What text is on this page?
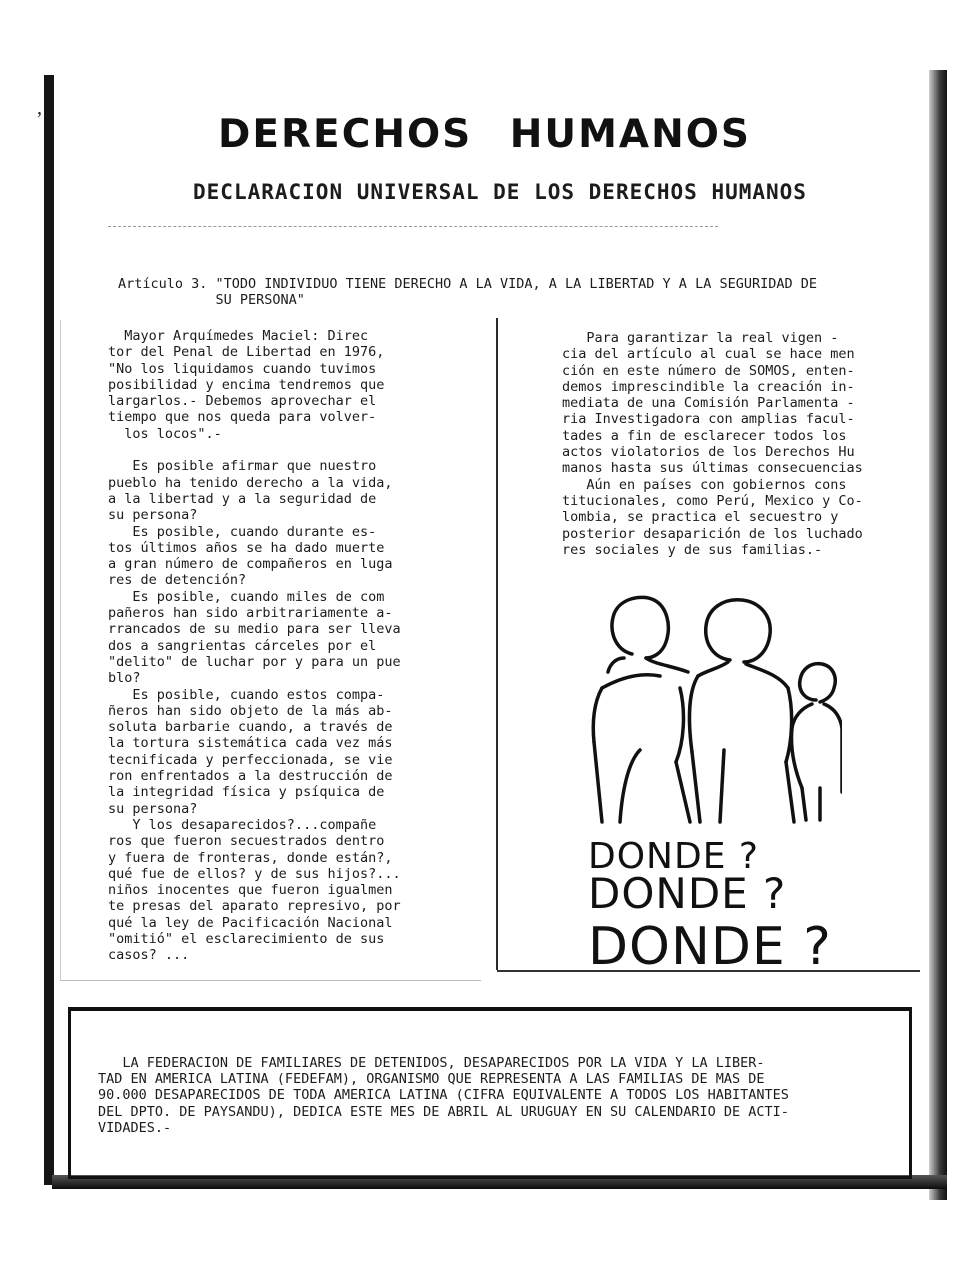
’	DERECHOS HUMANOS
DECLARACION UNIVERSAL DE LOS DERECHOS HUMANOS

Artículo 3. "TODO INDIVIDUO TIENE DERECHO A LA VIDA, A LA LIBERTAD Y A LA SEGURIDAD DE
SU PERSONA"

Mayor Arquímedes Maciel: Direc
tor del Penal de Libertad en 1976,
"No los liquidamos cuando tuvimos
posibilidad y encima tendremos que
largarlos.- Debemos aprovechar el
tiempo que nos queda para volver-
los locos".-

Es posible afirmar que nuestro
pueblo ha tenido derecho a la vida,
a la libertad y a la seguridad de
su persona?
Es posible, cuando durante es-
tos últimos años se ha dado muerte
a gran número de compañeros en luga
res de detención?
Es posible, cuando miles de com
pañeros han sido arbitrariamente a-
rrancados de su medio para ser lleva
dos a sangrientas cárceles por el
"delito" de luchar por y para un pue
blo?
Es posible, cuando estos compa-
ñeros han sido objeto de la más ab-
soluta barbarie cuando, a través de
la tortura sistemática cada vez más
tecnificada y perfeccionada, se vie
ron enfrentados a la destrucción de
la integridad física y psíquica de
su persona?
Y los desaparecidos?...compañe
ros que fueron secuestrados dentro
y fuera de fronteras, donde están?,
qué fue de ellos? y de sus hijos?...
niños inocentes que fueron igualmen
te presas del aparato represivo, por
qué la ley de Pacificación Nacional
"omitió" el esclarecimiento de sus
casos? ...

Para garantizar la real vigen -
cia del artículo al cual se hace men
ción en este número de SOMOS, enten-
demos imprescindible la creación in-
mediata de una Comisión Parlamenta -
ria Investigadora con amplias facul-
tades a fin de esclarecer todos los
actos violatorios de los Derechos Hu
manos hasta sus últimas consecuencias
Aún en países con gobiernos cons
titucionales, como Perú, Mexico y Co-
lombia, se practica el secuestro y
posterior desaparición de los luchado
res sociales y de sus familias.-

DONDE ?

DONDE ?

DONDE ?

LA FEDERACION DE FAMILIARES DE DETENIDOS, DESAPARECIDOS POR LA VIDA Y LA LIBER-
TAD EN AMERICA LATINA (FEDEFAM), ORGANISMO QUE REPRESENTA A LAS FAMILIAS DE MAS DE
90.000 DESAPARECIDOS DE TODA AMERICA LATINA (CIFRA EQUIVALENTE A TODOS LOS HABITANTES
DEL DPTO. DE PAYSANDU), DEDICA ESTE MES DE ABRIL AL URUGUAY EN SU CALENDARIO DE ACTI-
VIDADES.-
